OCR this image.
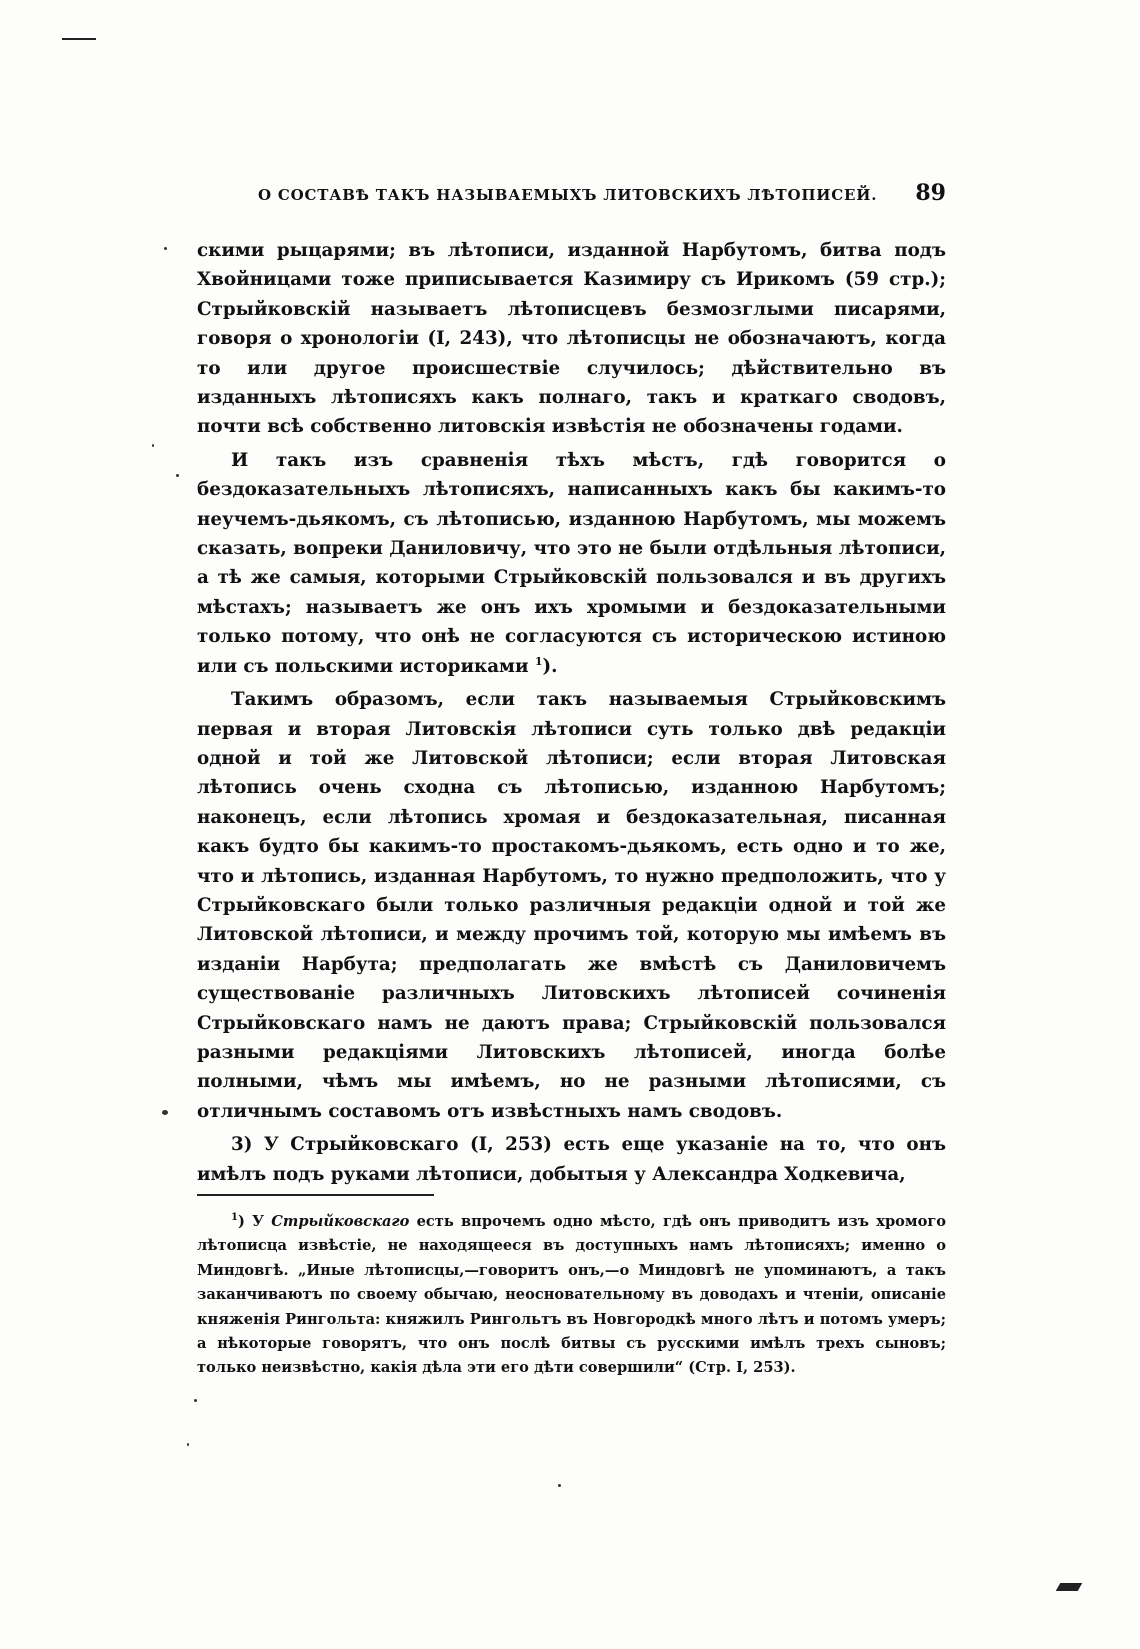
О СОСТАВѢ ТАКЪ НАЗЫВАЕМЫХЪ ЛИТОВСКИХЪ ЛѢТОПИСЕЙ. 89

скими рыцарями; въ лѣтописи, изданной Нарбутомъ, битва подъ Хвойницами тоже приписывается Казимиру съ Ирикомъ (59 стр.); Стрыйковскій называетъ лѣтописцевъ безмозглыми писарями, говоря о хронологіи (I, 243), что лѣтописцы не обозначаютъ, когда то или другое происшествіе случилось; дѣйствительно въ изданныхъ лѣтописяхъ какъ полнаго, такъ и краткаго сводовъ, почти всѣ собственно литовскія извѣстія не обозначены годами.

И такъ изъ сравненія тѣхъ мѣстъ, гдѣ говорится о бездоказательныхъ лѣтописяхъ, написанныхъ какъ бы какимъ-то неучемъ-дьякомъ, съ лѣтописью, изданною Нарбутомъ, мы можемъ сказать, вопреки Даниловичу, что это не были отдѣльныя лѣтописи, а тѣ же самыя, которыми Стрыйковскій пользовался и въ другихъ мѣстахъ; называетъ же онъ ихъ хромыми и бездоказательными только потому, что онѣ не согласуются съ историческою истиною или съ польскими историками $^1$).

Такимъ образомъ, если такъ называемыя Стрыйковскимъ первая и вторая Литовскія лѣтописи суть только двѣ редакціи одной и той же Литовской лѣтописи; если вторая Литовская лѣтопись очень сходна съ лѣтописью, изданною Нарбутомъ; наконецъ, если лѣтопись хромая и бездоказательная, писанная какъ будто бы какимъ-то простакомъ-дьякомъ, есть одно и то же, что и лѣтопись, изданная Нарбутомъ, то нужно предположить, что у Стрыйковскаго были только различныя редакціи одной и той же Литовской лѣтописи, и между прочимъ той, которую мы имѣемъ въ изданіи Нарбута; предполагать же вмѣстѣ съ Даниловичемъ существованіе различныхъ Литовскихъ лѣтописей сочиненія Стрыйковскаго намъ не даютъ права; Стрыйковскій пользовался разными редакціями Литовскихъ лѣтописей, иногда болѣе полными, чѣмъ мы имѣемъ, но не разными лѣтописями, съ отличнымъ составомъ отъ извѣстныхъ намъ сводовъ.

3) У Стрыйковскаго (I, 253) есть еще указаніе на то, что онъ имѣлъ подъ руками лѣтописи, добытыя у Александра Ходкевича,

$^1$) У Стрыйковскаго есть впрочемъ одно мѣсто, гдѣ онъ приводитъ изъ хромого лѣтописца извѣстіе, не находящееся въ доступныхъ намъ лѣтописяхъ; именно о Миндовгѣ. „Иные лѣтописцы,—говоритъ онъ,—о Миндовгѣ не упоминаютъ, а такъ заканчиваютъ по своему обычаю, неосновательному въ доводахъ и чтеніи, описаніе княженія Рингольта: княжилъ Рингольтъ въ Новгородкѣ много лѣтъ и потомъ умеръ; а нѣкоторые говорятъ, что онъ послѣ битвы съ русскими имѣлъ трехъ сыновъ; только неизвѣстно, какія дѣла эти его дѣти совершили“ (Стр. I, 253).
